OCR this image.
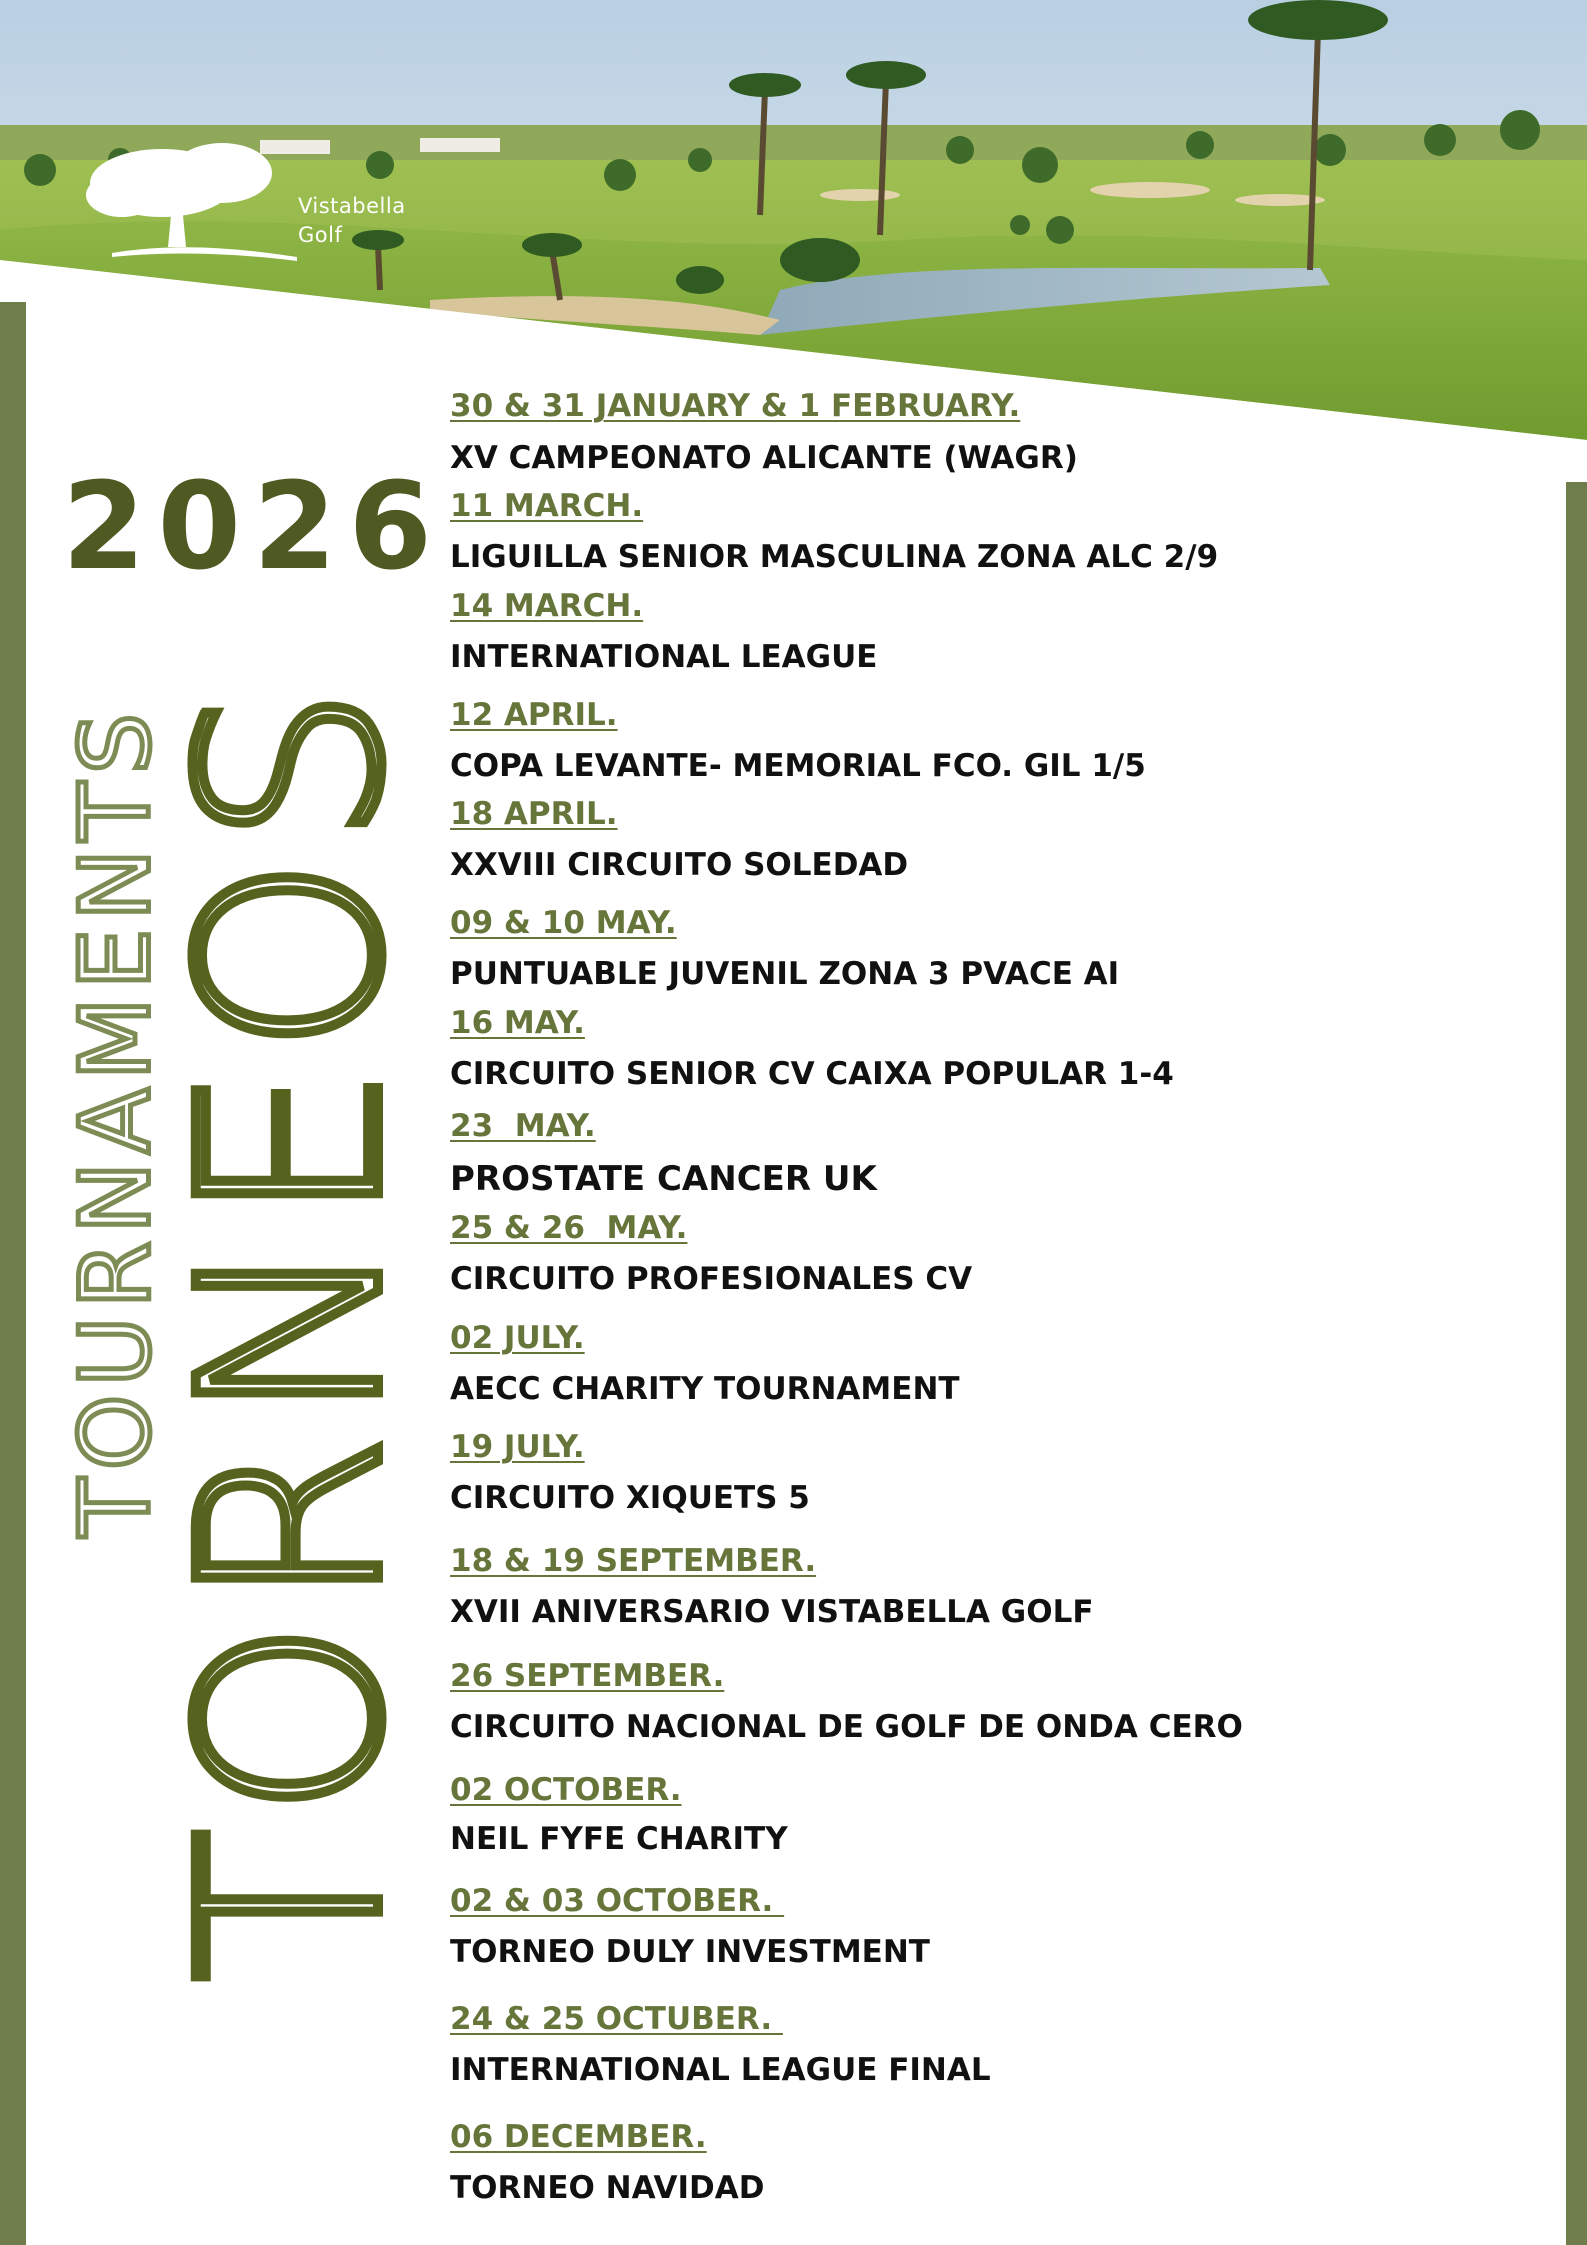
Vistabella
Golf
2026
TOURNAMENTS
TORNEOS
30 & 31 JANUARY & 1 FEBRUARY.
XV CAMPEONATO ALICANTE (WAGR)
11 MARCH.
LIGUILLA SENIOR MASCULINA ZONA ALC 2/9
14 MARCH.
INTERNATIONAL LEAGUE
12 APRIL.
COPA LEVANTE- MEMORIAL FCO. GIL 1/5
18 APRIL.
XXVIII CIRCUITO SOLEDAD
09 & 10 MAY.
PUNTUABLE JUVENIL ZONA 3 PVACE AI
16 MAY.
CIRCUITO SENIOR CV CAIXA POPULAR 1-4
23  MAY.
PROSTATE CANCER UK
25 & 26  MAY.
CIRCUITO PROFESIONALES CV
02 JULY.
AECC CHARITY TOURNAMENT
19 JULY.
CIRCUITO XIQUETS 5
18 & 19 SEPTEMBER.
XVII ANIVERSARIO VISTABELLA GOLF
26 SEPTEMBER.
CIRCUITO NACIONAL DE GOLF DE ONDA CERO
02 OCTOBER.
NEIL FYFE CHARITY
02 & 03 OCTOBER.
TORNEO DULY INVESTMENT
24 & 25 OCTUBER.
INTERNATIONAL LEAGUE FINAL
06 DECEMBER.
TORNEO NAVIDAD
